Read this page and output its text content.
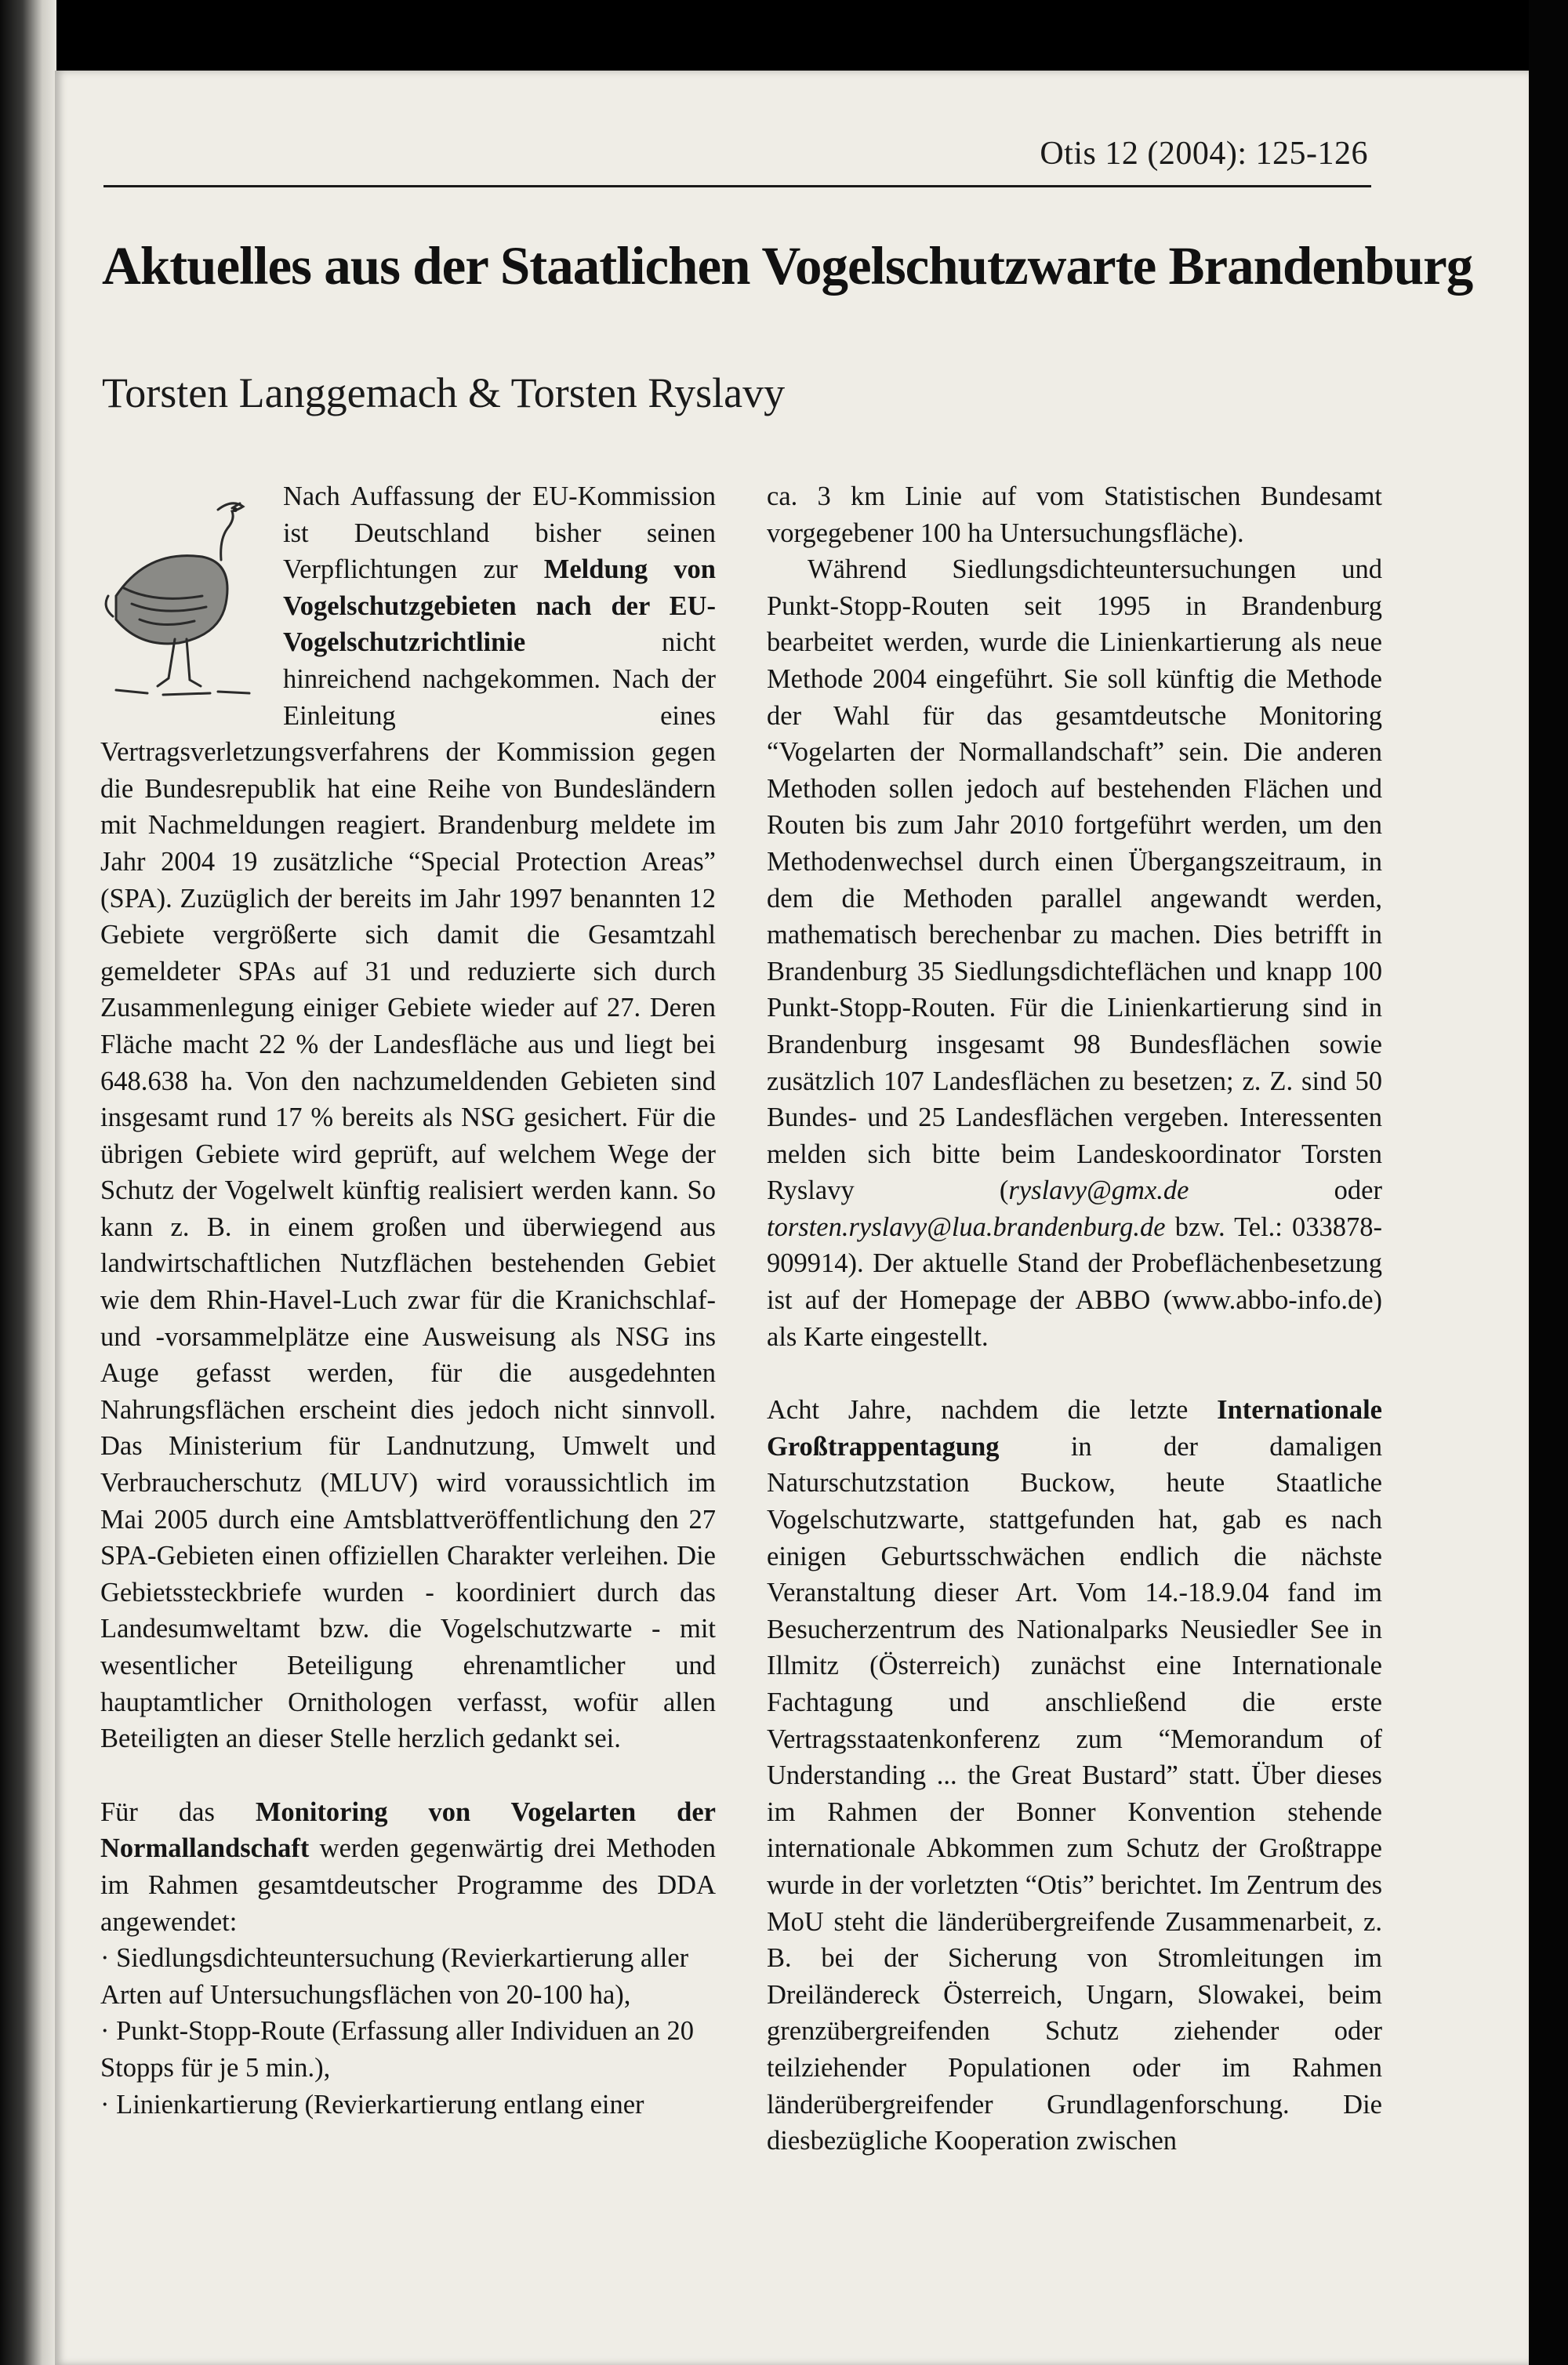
Otis 12 (2004): 125-126
Aktuelles aus der Staatlichen Vogelschutzwarte Brandenburg
Torsten Langgemach & Torsten Ryslavy

Nach Auffassung der EU-Kommission ist Deutschland bisher seinen Verpflichtungen zur Meldung von Vogelschutzgebieten nach der EU-Vogelschutzrichtlinie nicht hinreichend nachgekommen. Nach der Einleitung eines Vertragsverletzungsverfahrens der Kommission gegen die Bundesrepublik hat eine Reihe von Bundesländern mit Nachmeldungen reagiert. Brandenburg meldete im Jahr 2004 19 zusätzliche “Special Protection Areas” (SPA). Zuzüglich der bereits im Jahr 1997 benannten 12 Gebiete vergrößerte sich damit die Gesamtzahl gemeldeter SPAs auf 31 und reduzierte sich durch Zusammenlegung einiger Gebiete wieder auf 27. Deren Fläche macht 22 % der Landesfläche aus und liegt bei 648.638 ha. Von den nachzumeldenden Gebieten sind insgesamt rund 17 % bereits als NSG gesichert. Für die übrigen Gebiete wird geprüft, auf welchem Wege der Schutz der Vogelwelt künftig realisiert werden kann. So kann z. B. in einem großen und überwiegend aus landwirtschaftlichen Nutzflächen bestehenden Gebiet wie dem Rhin-Havel-Luch zwar für die Kranichschlaf- und -vorsammelplätze eine Ausweisung als NSG ins Auge gefasst werden, für die ausgedehnten Nahrungsflächen erscheint dies jedoch nicht sinnvoll. Das Ministerium für Landnutzung, Umwelt und Verbraucherschutz (MLUV) wird voraussichtlich im Mai 2005 durch eine Amtsblattveröffentlichung den 27 SPA-Gebieten einen offiziellen Charakter verleihen. Die Gebietssteckbriefe wurden - koordiniert durch das Landesumweltamt bzw. die Vogelschutzwarte - mit wesentlicher Beteiligung ehrenamtlicher und hauptamtlicher Ornithologen verfasst, wofür allen Beteiligten an dieser Stelle herzlich gedankt sei.

Für das Monitoring von Vogelarten der Normallandschaft werden gegenwärtig drei Methoden im Rahmen gesamtdeutscher Programme des DDA angewendet:

· Siedlungsdichteuntersuchung (Revierkartierung aller Arten auf Untersuchungsflächen von 20-100 ha),

· Punkt-Stopp-Route (Erfassung aller Individuen an 20 Stopps für je 5 min.),

· Linienkartierung (Revierkartierung entlang einer

ca. 3 km Linie auf vom Statistischen Bundesamt vorgegebener 100 ha Untersuchungsfläche).

Während Siedlungsdichteuntersuchungen und Punkt-Stopp-Routen seit 1995 in Brandenburg bearbeitet werden, wurde die Linienkartierung als neue Methode 2004 eingeführt. Sie soll künftig die Methode der Wahl für das gesamtdeutsche Monitoring “Vogelarten der Normallandschaft” sein. Die anderen Methoden sollen jedoch auf bestehenden Flächen und Routen bis zum Jahr 2010 fortgeführt werden, um den Methodenwechsel durch einen Übergangszeitraum, in dem die Methoden parallel angewandt werden, mathematisch berechenbar zu machen. Dies betrifft in Brandenburg 35 Siedlungsdichteflächen und knapp 100 Punkt-Stopp-Routen. Für die Linienkartierung sind in Brandenburg insgesamt 98 Bundesflächen sowie zusätzlich 107 Landesflächen zu besetzen; z. Z. sind 50 Bundes- und 25 Landesflächen vergeben. Interessenten melden sich bitte beim Landeskoordinator Torsten Ryslavy (ryslavy@gmx.de oder torsten.ryslavy@lua.brandenburg.de bzw. Tel.: 033878-909914). Der aktuelle Stand der Probeflächenbesetzung ist auf der Homepage der ABBO (www.abbo-info.de) als Karte eingestellt.

Acht Jahre, nachdem die letzte Internationale Großtrappentagung in der damaligen Naturschutzstation Buckow, heute Staatliche Vogelschutzwarte, stattgefunden hat, gab es nach einigen Geburtsschwächen endlich die nächste Veranstaltung dieser Art. Vom 14.-18.9.04 fand im Besucherzentrum des Nationalparks Neusiedler See in Illmitz (Österreich) zunächst eine Internationale Fachtagung und anschließend die erste Vertragsstaatenkonferenz zum “Memorandum of Understanding ... the Great Bustard” statt. Über dieses im Rahmen der Bonner Konvention stehende internationale Abkommen zum Schutz der Großtrappe wurde in der vorletzten “Otis” berichtet. Im Zentrum des MoU steht die länderübergreifende Zusammenarbeit, z. B. bei der Sicherung von Stromleitungen im Dreiländereck Österreich, Ungarn, Slowakei, beim grenzübergreifenden Schutz ziehender oder teilziehender Populationen oder im Rahmen länderübergreifender Grundlagenforschung. Die diesbezügliche Kooperation zwischen
